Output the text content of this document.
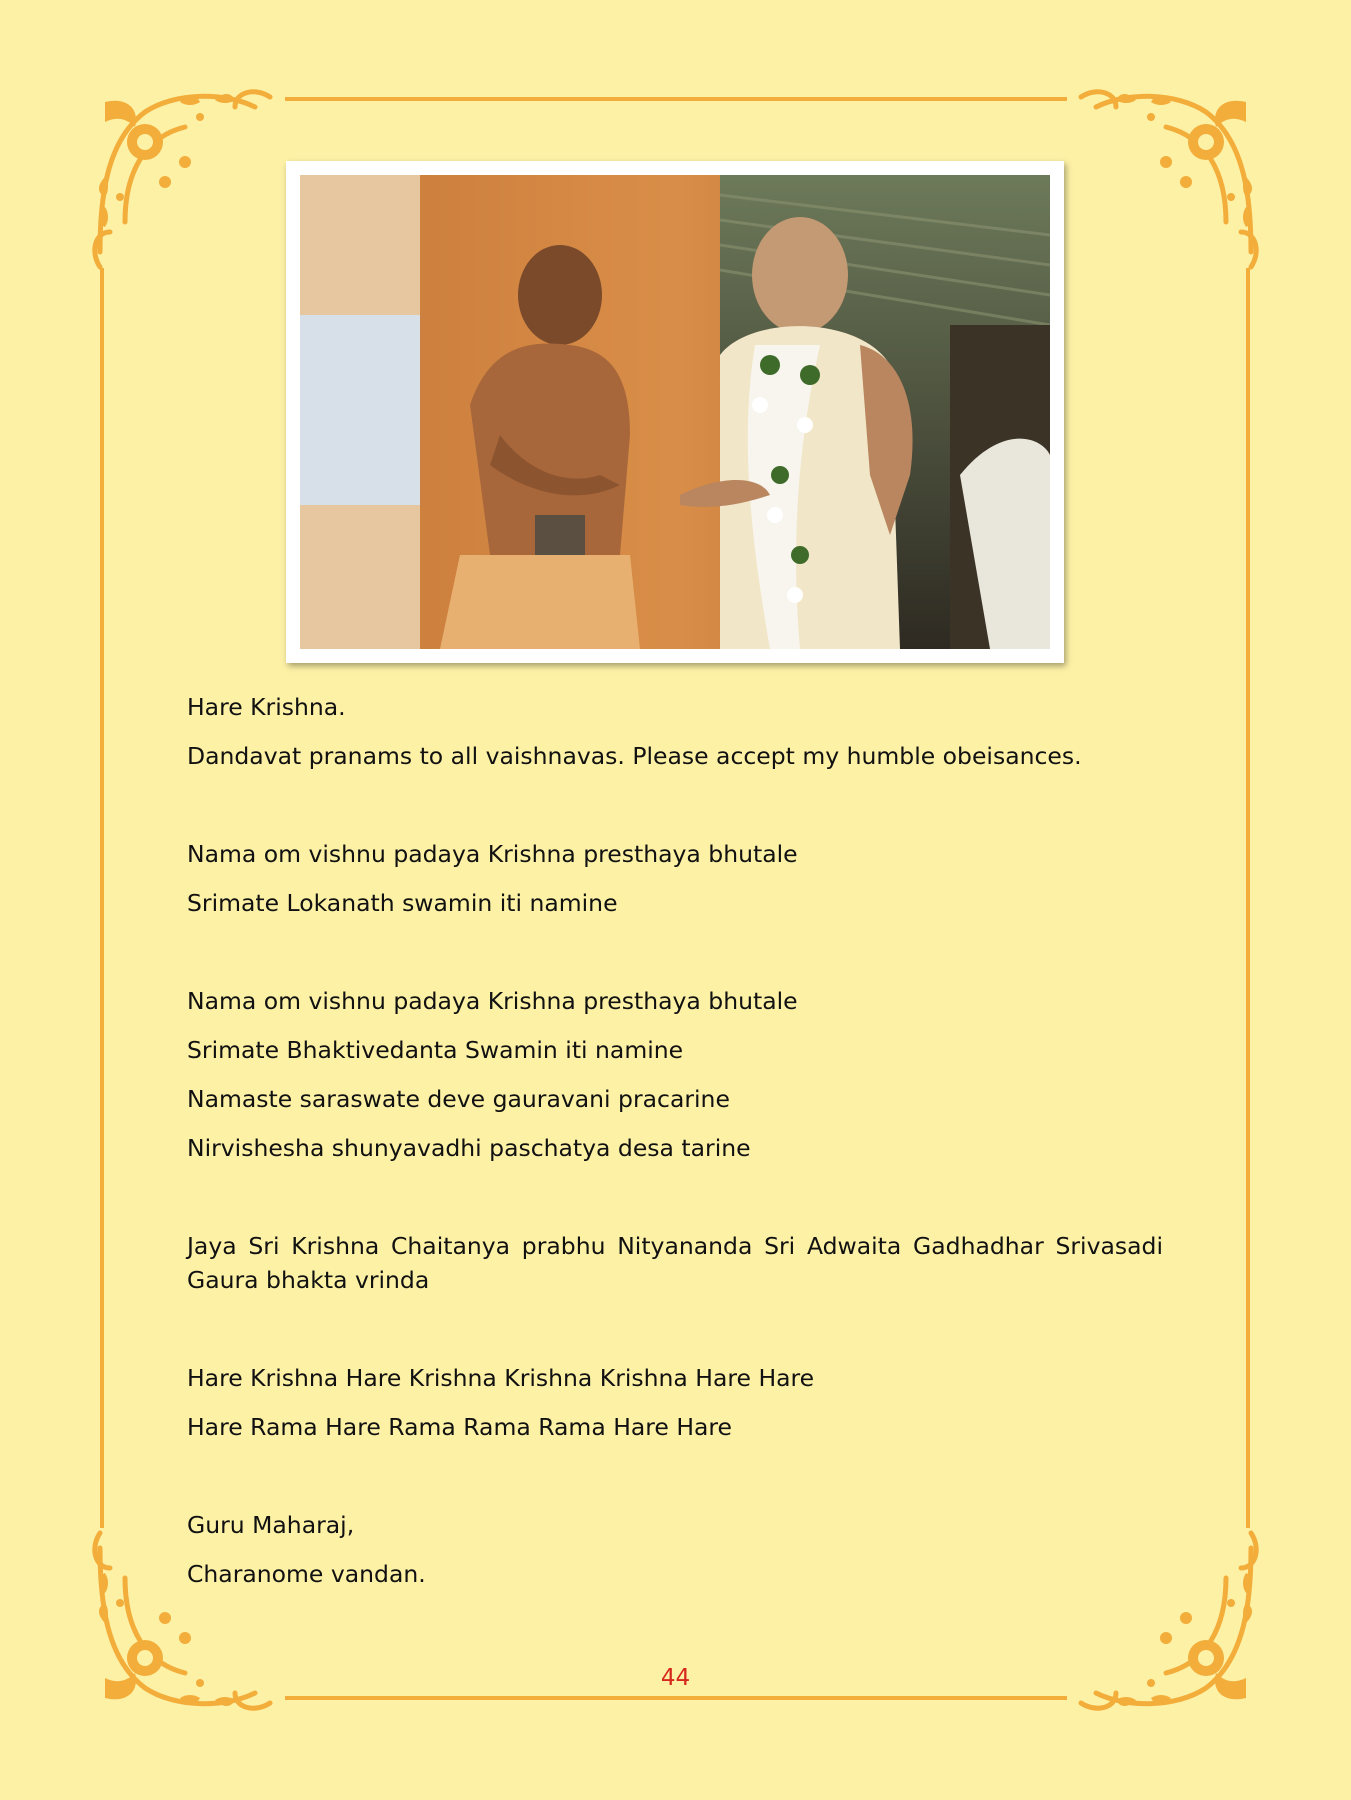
Hare Krishna.

Dandavat pranams to all vaishnavas. Please accept my humble obeisances.

Nama om vishnu padaya Krishna presthaya bhutale

Srimate Lokanath swamin iti namine

Nama om vishnu padaya Krishna presthaya bhutale

Srimate Bhaktivedanta Swamin iti namine

Namaste saraswate deve gauravani pracarine

Nirvishesha shunyavadhi paschatya desa tarine

Jaya Sri Krishna Chaitanya prabhu Nityananda Sri Adwaita Gadhadhar Srivasadi Gaura bhakta vrinda

Hare Krishna Hare Krishna Krishna Krishna Hare Hare

Hare Rama Hare Rama Rama Rama Hare Hare

Guru Maharaj,

Charanome vandan.

44
